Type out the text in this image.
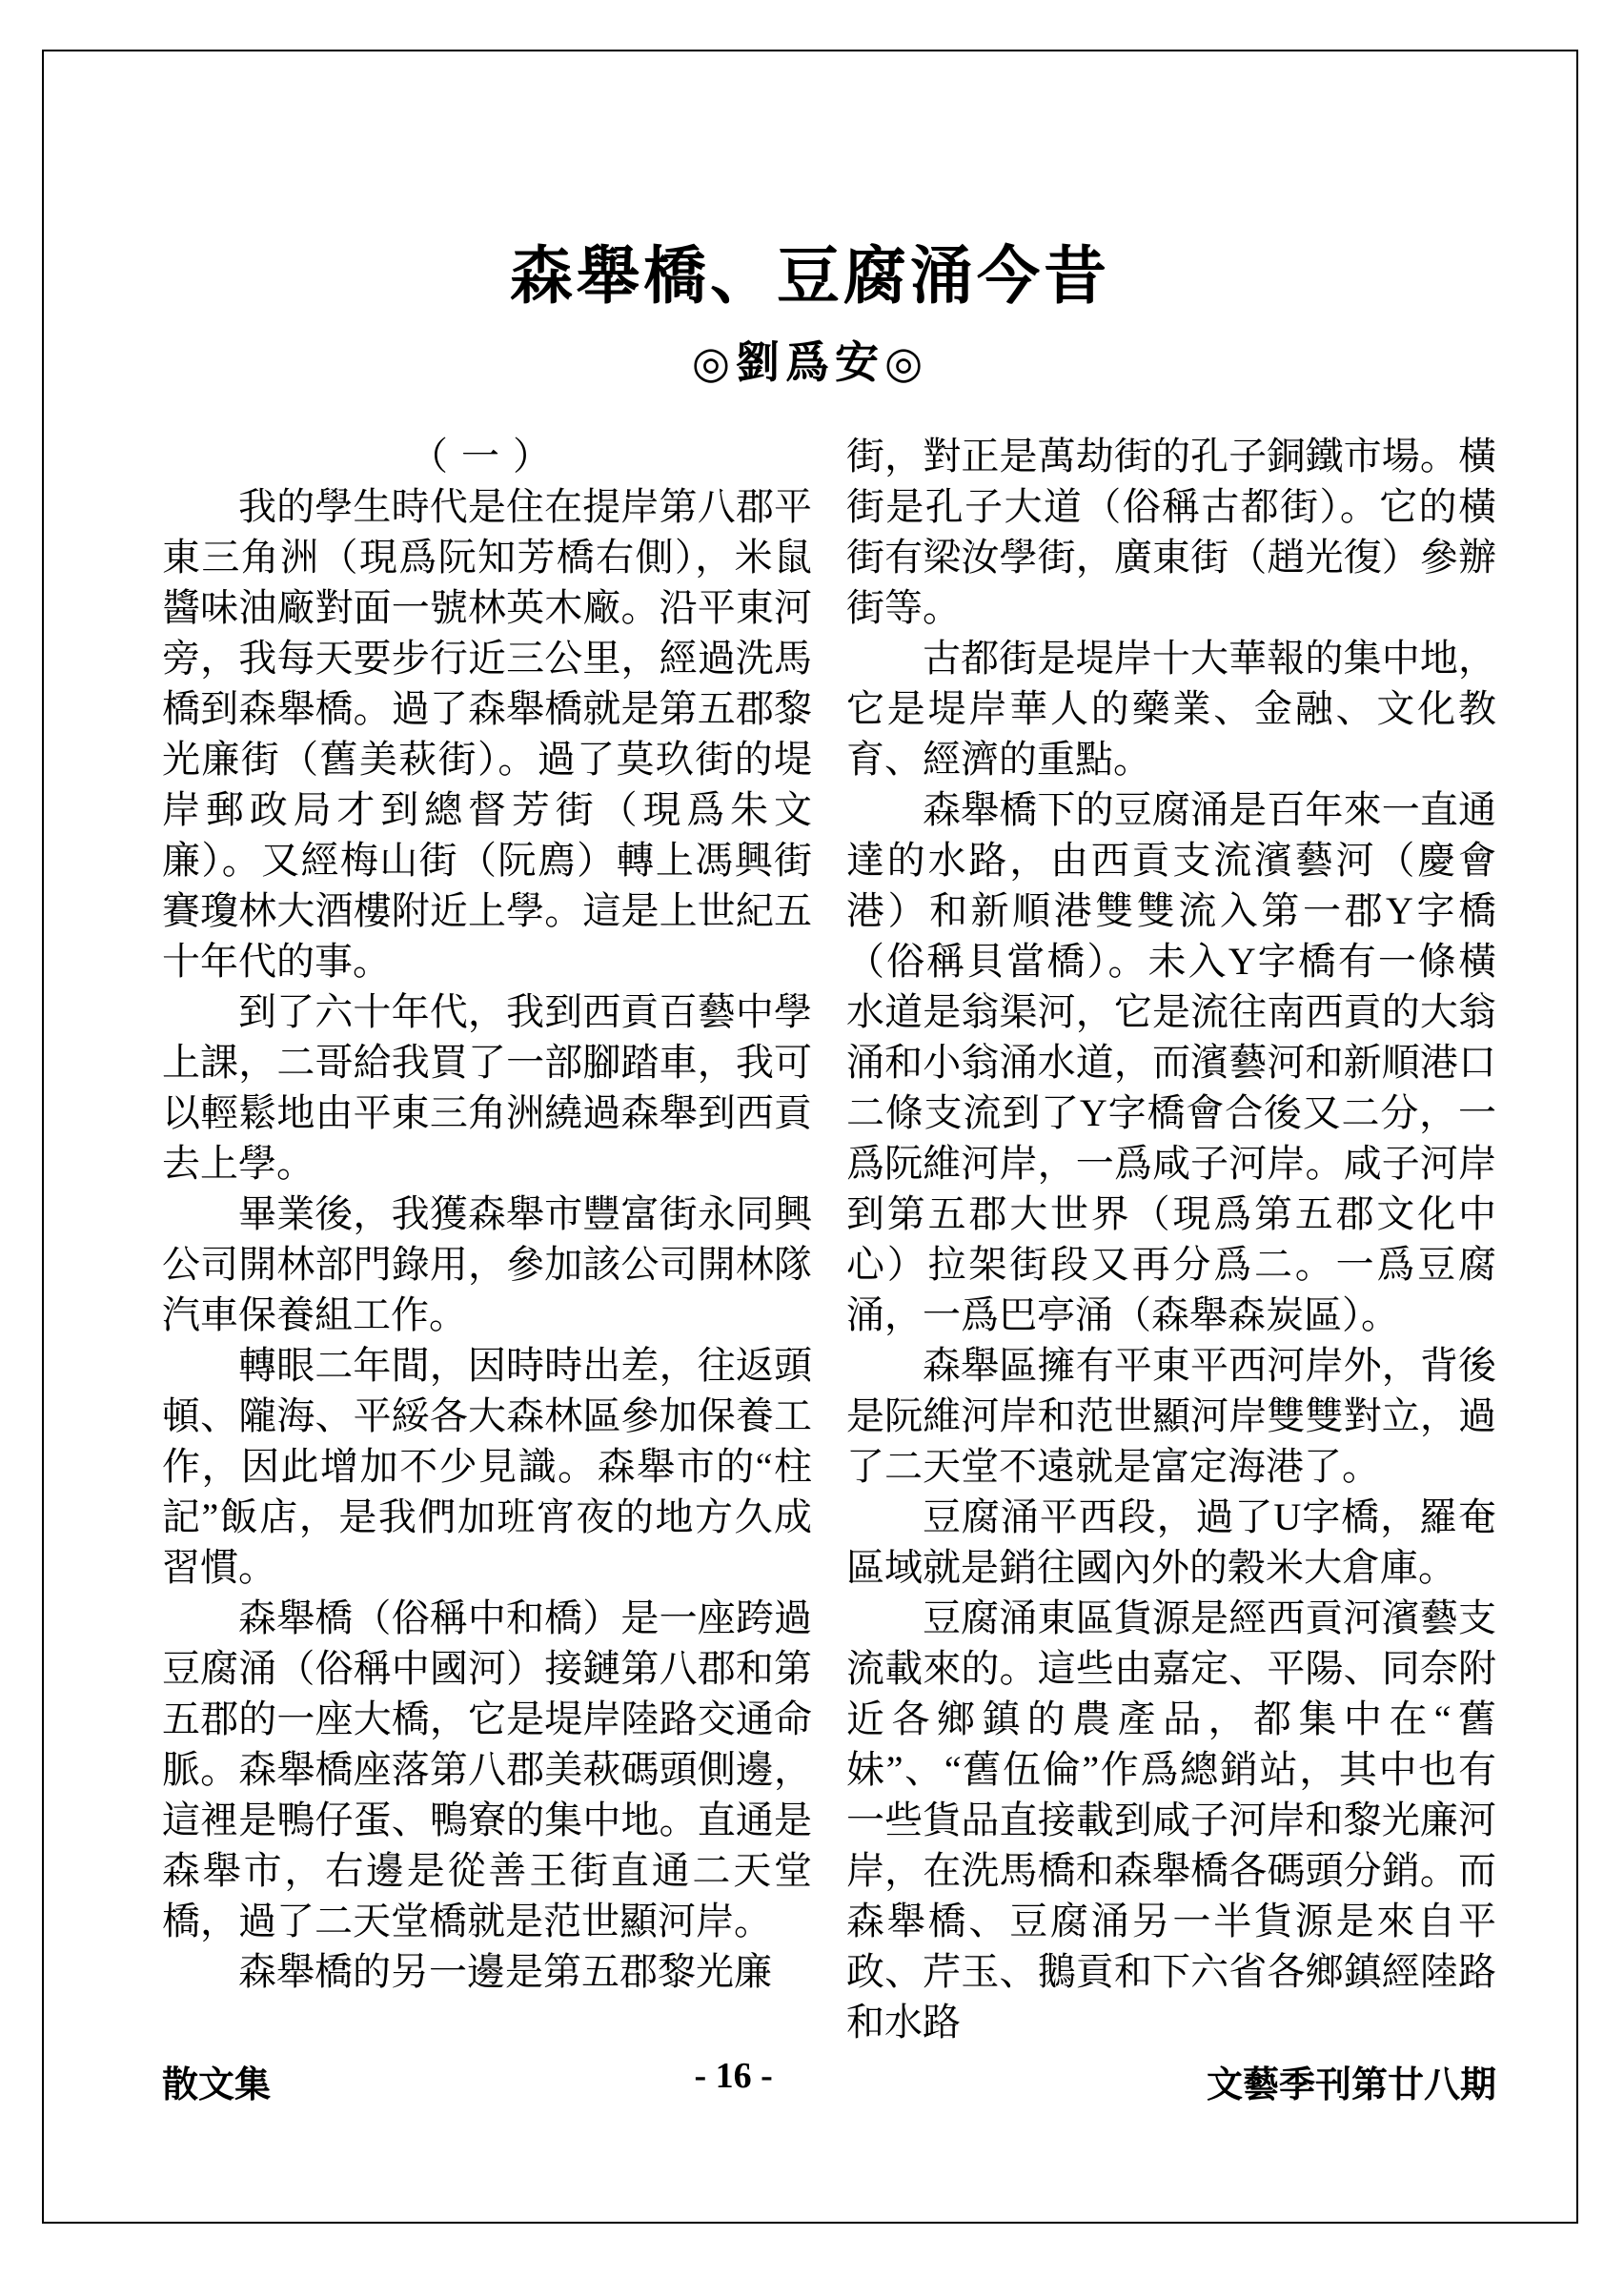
森舉橋、豆腐涌今昔
◎劉爲安◎
（一）

我的學生時代是住在提岸第八郡平東三角洲（現爲阮知芳橋右側），米鼠醬味油廠對面一號林英木廠。沿平東河旁，我每天要步行近三公里，經過洗馬橋到森舉橋。過了森舉橋就是第五郡黎光廉街（舊美萩街）。過了莫玖街的堤岸郵政局才到總督芳街（現爲朱文廉）。又經梅山街（阮廌）轉上馮興街賽瓊林大酒樓附近上學。這是上世紀五十年代的事。

到了六十年代，我到西貢百藝中學上課，二哥給我買了一部腳踏車，我可以輕鬆地由平東三角洲繞過森舉到西貢去上學。

畢業後，我獲森舉市豐富街永同興公司開林部門錄用，參加該公司開林隊汽車保養組工作。

轉眼二年間，因時時出差，往返頭頓、隴海、平綏各大森林區參加保養工作，因此增加不少見識。森舉市的“柱記”飯店，是我們加班宵夜的地方久成習慣。

森舉橋（俗稱中和橋）是一座跨過豆腐涌（俗稱中國河）接鏈第八郡和第五郡的一座大橋，它是堤岸陸路交通命脈。森舉橋座落第八郡美萩碼頭側邊，這裡是鴨仔蛋、鴨寮的集中地。直通是森舉市，右邊是從善王街直通二天堂橋，過了二天堂橋就是范世顯河岸。

森舉橋的另一邊是第五郡黎光廉

街，對正是萬劫街的孔子銅鐵市場。橫街是孔子大道（俗稱古都街）。它的橫街有梁汝學街，廣東街（趙光復）參辦街等。

古都街是堤岸十大華報的集中地，它是堤岸華人的藥業、金融、文化教育、經濟的重點。

森舉橋下的豆腐涌是百年來一直通達的水路，由西貢支流濱藝河（慶會港）和新順港雙雙流入第一郡Y字橋（俗稱貝當橋）。未入Y字橋有一條橫水道是翁渠河，它是流往南西貢的大翁涌和小翁涌水道，而濱藝河和新順港口二條支流到了Y字橋會合後又二分，一爲阮維河岸，一爲咸子河岸。咸子河岸到第五郡大世界（現爲第五郡文化中心）拉架街段又再分爲二。一爲豆腐涌，一爲巴亭涌（森舉森炭區）。

森舉區擁有平東平西河岸外，背後是阮維河岸和范世顯河岸雙雙對立，過了二天堂不遠就是富定海港了。

豆腐涌平西段，過了U字橋，羅奄區域就是銷往國內外的穀米大倉庫。

豆腐涌東區貨源是經西貢河濱藝支流載來的。這些由嘉定、平陽、同奈附近各鄉鎮的農產品，都集中在“舊妹”、“舊伍倫”作爲總銷站，其中也有一些貨品直接載到咸子河岸和黎光廉河岸，在洗馬橋和森舉橋各碼頭分銷。而森舉橋、豆腐涌另一半貨源是來自平政、芹玉、鵝貢和下六省各鄉鎮經陸路和水路

散文集	- 16 -	文藝季刊第廿八期
